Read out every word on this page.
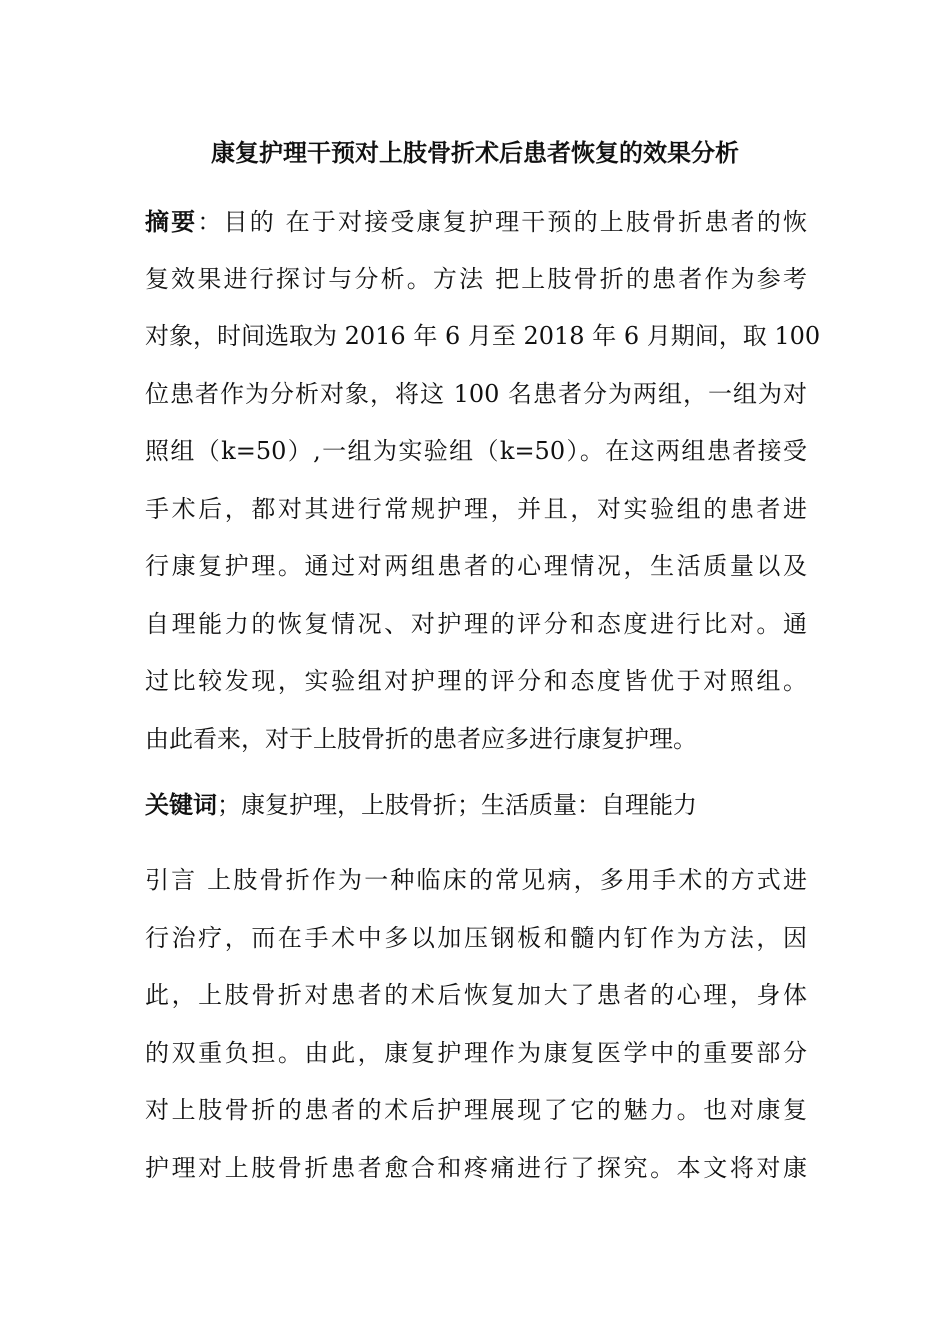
康复护理干预对上肢骨折术后患者恢复的效果分析
摘要：目的 在于对接受康复护理干预的上肢骨折患者的恢
复效果进行探讨与分析。方法 把上肢骨折的患者作为参考
对象，时间选取为 2016 年 6 月至 2018 年 6 月期间，取 100
位患者作为分析对象，将这 100 名患者分为两组，一组为对
照组（k=50）,一组为实验组（k=50）。在这两组患者接受
手术后，都对其进行常规护理，并且，对实验组的患者进
行康复护理。通过对两组患者的心理情况，生活质量以及
自理能力的恢复情况、对护理的评分和态度进行比对。通
过比较发现，实验组对护理的评分和态度皆优于对照组。
由此看来，对于上肢骨折的患者应多进行康复护理。
关键词；康复护理，上肢骨折；生活质量：自理能力
引言 上肢骨折作为一种临床的常见病，多用手术的方式进
行治疗，而在手术中多以加压钢板和髓内钉作为方法，因
此，上肢骨折对患者的术后恢复加大了患者的心理，身体
的双重负担。由此，康复护理作为康复医学中的重要部分
对上肢骨折的患者的术后护理展现了它的魅力。也对康复
护理对上肢骨折患者愈合和疼痛进行了探究。本文将对康
